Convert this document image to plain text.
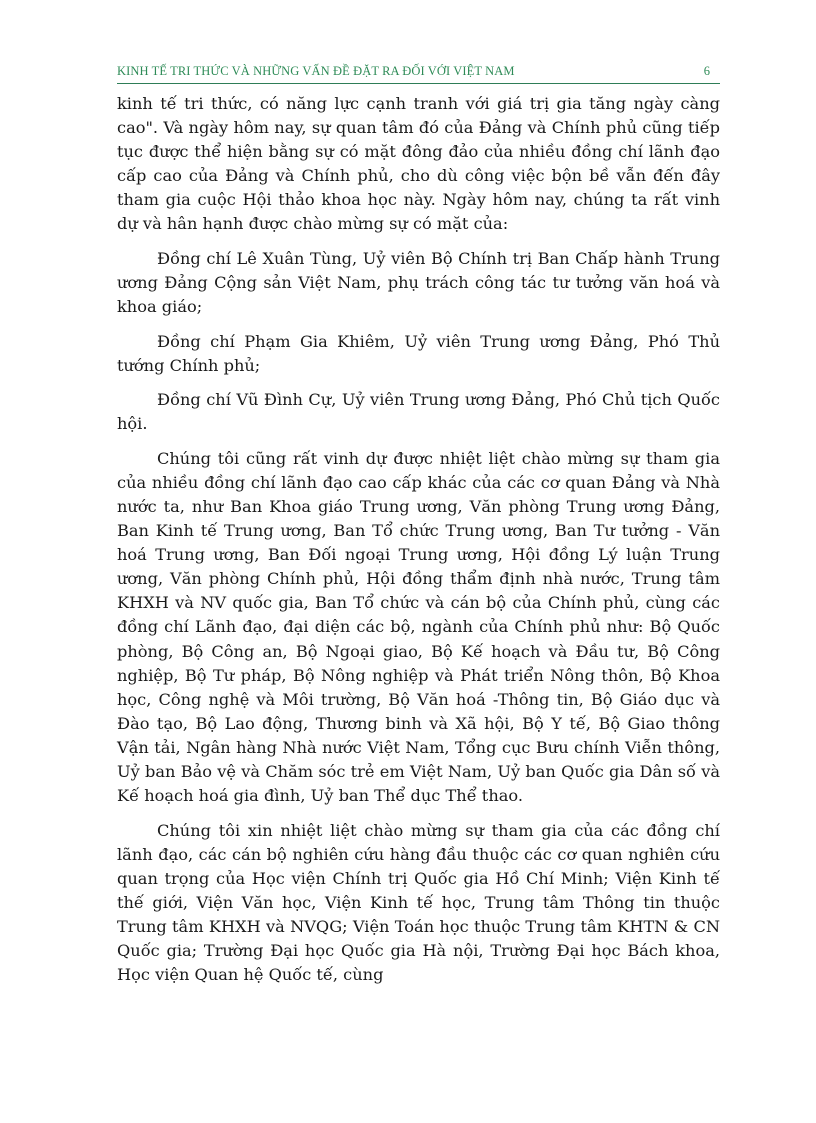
KINH TẾ TRI THỨC VÀ NHỮNG VẤN ĐỀ ĐẶT RA ĐỐI VỚI VIỆT NAM	6

kinh tế tri thức, có năng lực cạnh tranh với giá trị gia tăng ngày càng cao". Và ngày hôm nay, sự quan tâm đó của Đảng và Chính phủ cũng tiếp tục được thể hiện bằng sự có mặt đông đảo của nhiều đồng chí lãnh đạo cấp cao của Đảng và Chính phủ, cho dù công việc bộn bề vẫn đến đây tham gia cuộc Hội thảo khoa học này. Ngày hôm nay, chúng ta rất vinh dự và hân hạnh được chào mừng sự có mặt của:

Đồng chí Lê Xuân Tùng, Uỷ viên Bộ Chính trị Ban Chấp hành Trung ương Đảng Cộng sản Việt Nam, phụ trách công tác tư tưởng văn hoá và khoa giáo;

Đồng chí Phạm Gia Khiêm, Uỷ viên Trung ương Đảng, Phó Thủ tướng Chính phủ;

Đồng chí Vũ Đình Cự, Uỷ viên Trung ương Đảng, Phó Chủ tịch Quốc hội.

Chúng tôi cũng rất vinh dự được nhiệt liệt chào mừng sự tham gia của nhiều đồng chí lãnh đạo cao cấp khác của các cơ quan Đảng và Nhà nước ta, như Ban Khoa giáo Trung ương, Văn phòng Trung ương Đảng, Ban Kinh tế Trung ương, Ban Tổ chức Trung ương, Ban Tư tưởng - Văn hoá Trung ương, Ban Đối ngoại Trung ương, Hội đồng Lý luận Trung ương, Văn phòng Chính phủ, Hội đồng thẩm định nhà nước, Trung tâm KHXH và NV quốc gia, Ban Tổ chức và cán bộ của Chính phủ, cùng các đồng chí Lãnh đạo, đại diện các bộ, ngành của Chính phủ như: Bộ Quốc phòng, Bộ Công an, Bộ Ngoại giao, Bộ Kế hoạch và Đầu tư, Bộ Công nghiệp, Bộ Tư pháp, Bộ Nông nghiệp và Phát triển Nông thôn, Bộ Khoa học, Công nghệ và Môi trường, Bộ Văn hoá -Thông tin, Bộ Giáo dục và Đào tạo, Bộ Lao động, Thương binh và Xã hội, Bộ Y tế, Bộ Giao thông Vận tải, Ngân hàng Nhà nước Việt Nam, Tổng cục Bưu chính Viễn thông, Uỷ ban Bảo vệ và Chăm sóc trẻ em Việt Nam, Uỷ ban Quốc gia Dân số và Kế hoạch hoá gia đình, Uỷ ban Thể dục Thể thao.

Chúng tôi xin nhiệt liệt chào mừng sự tham gia của các đồng chí lãnh đạo, các cán bộ nghiên cứu hàng đầu thuộc các cơ quan nghiên cứu quan trọng của Học viện Chính trị Quốc gia Hồ Chí Minh; Viện Kinh tế thế giới, Viện Văn học, Viện Kinh tế học, Trung tâm Thông tin thuộc Trung tâm KHXH và NVQG; Viện Toán học thuộc Trung tâm KHTN & CN Quốc gia; Trường Đại học Quốc gia Hà nội, Trường Đại học Bách khoa, Học viện Quan hệ Quốc tế, cùng
